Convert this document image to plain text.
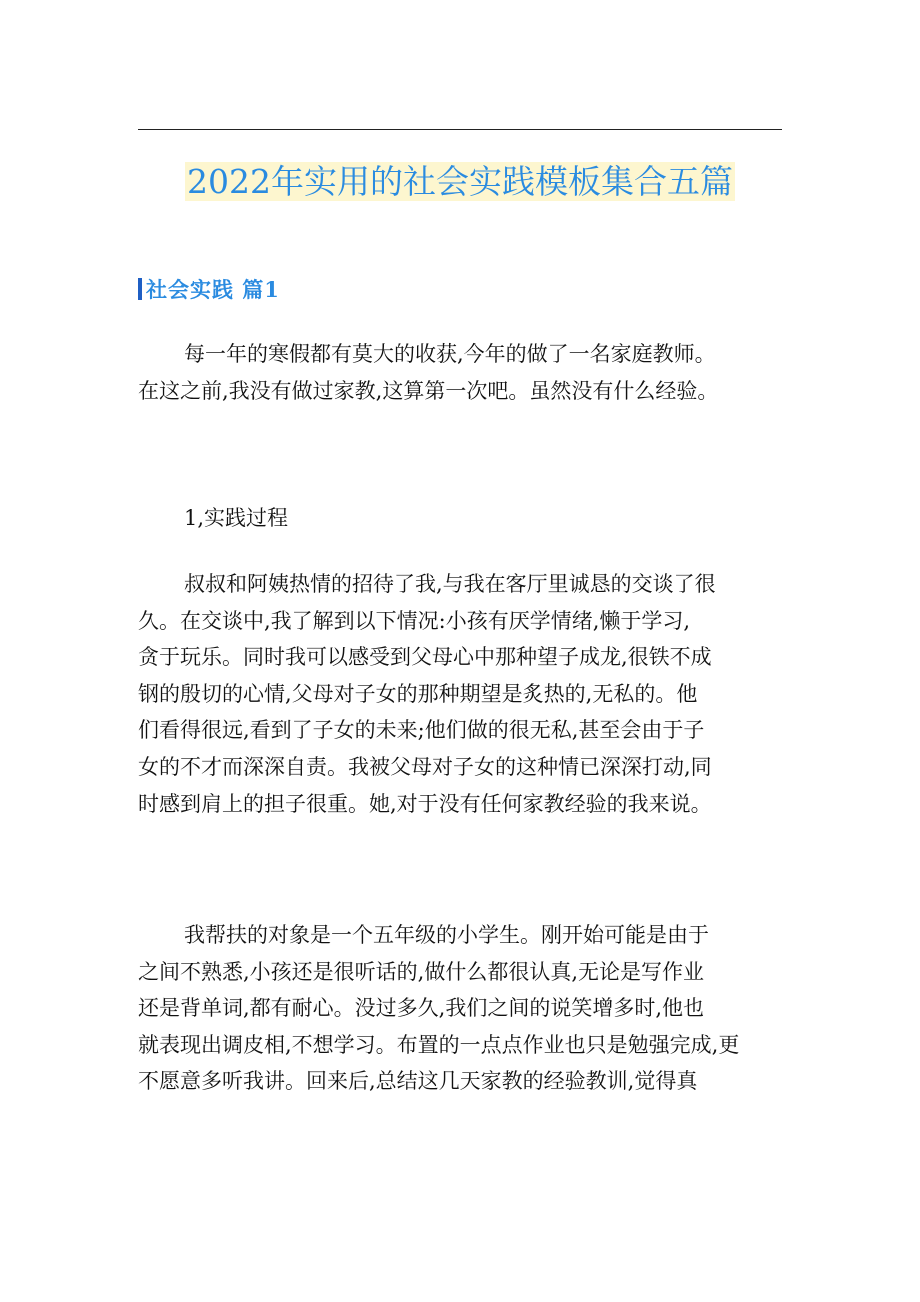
2022年实用的社会实践模板集合五篇
社会实践 篇1
每一年的寒假都有莫大的收获,今年的做了一名家庭教师。
在这之前,我没有做过家教,这算第一次吧。虽然没有什么经验。
1,实践过程
叔叔和阿姨热情的招待了我,与我在客厅里诚恳的交谈了很
久。在交谈中,我了解到以下情况:小孩有厌学情绪,懒于学习,
贪于玩乐。同时我可以感受到父母心中那种望子成龙,很铁不成
钢的殷切的心情,父母对子女的那种期望是炙热的,无私的。他
们看得很远,看到了子女的未来;他们做的很无私,甚至会由于子
女的不才而深深自责。我被父母对子女的这种情已深深打动,同
时感到肩上的担子很重。她,对于没有任何家教经验的我来说。
我帮扶的对象是一个五年级的小学生。刚开始可能是由于
之间不熟悉,小孩还是很听话的,做什么都很认真,无论是写作业
还是背单词,都有耐心。没过多久,我们之间的说笑增多时,他也
就表现出调皮相,不想学习。布置的一点点作业也只是勉强完成,更
不愿意多听我讲。回来后,总结这几天家教的经验教训,觉得真
